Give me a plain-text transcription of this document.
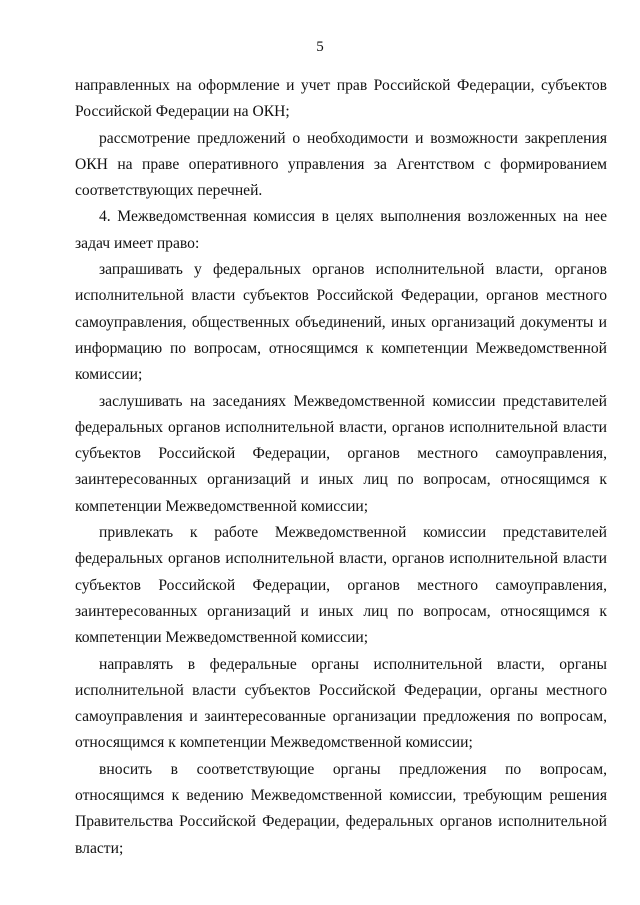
5

направленных на оформление и учет прав Российской Федерации, субъектов Российской Федерации на ОКН;

рассмотрение предложений о необходимости и возможности закрепления ОКН на праве оперативного управления за Агентством с формированием соответствующих перечней.

4. Межведомственная комиссия в целях выполнения возложенных на нее задач имеет право:

запрашивать у федеральных органов исполнительной власти, органов исполнительной власти субъектов Российской Федерации, органов местного самоуправления, общественных объединений, иных организаций документы и информацию по вопросам, относящимся к компетенции Межведомственной комиссии;

заслушивать на заседаниях Межведомственной комиссии представителей федеральных органов исполнительной власти, органов исполнительной власти субъектов Российской Федерации, органов местного самоуправления, заинтересованных организаций и иных лиц по вопросам, относящимся к компетенции Межведомственной комиссии;

привлекать к работе Межведомственной комиссии представителей федеральных органов исполнительной власти, органов исполнительной власти субъектов Российской Федерации, органов местного самоуправления, заинтересованных организаций и иных лиц по вопросам, относящимся к компетенции Межведомственной комиссии;

направлять в федеральные органы исполнительной власти, органы исполнительной власти субъектов Российской Федерации, органы местного самоуправления и заинтересованные организации предложения по вопросам, относящимся к компетенции Межведомственной комиссии;

вносить в соответствующие органы предложения по вопросам, относящимся к ведению Межведомственной комиссии, требующим решения Правительства Российской Федерации, федеральных органов исполнительной власти;
